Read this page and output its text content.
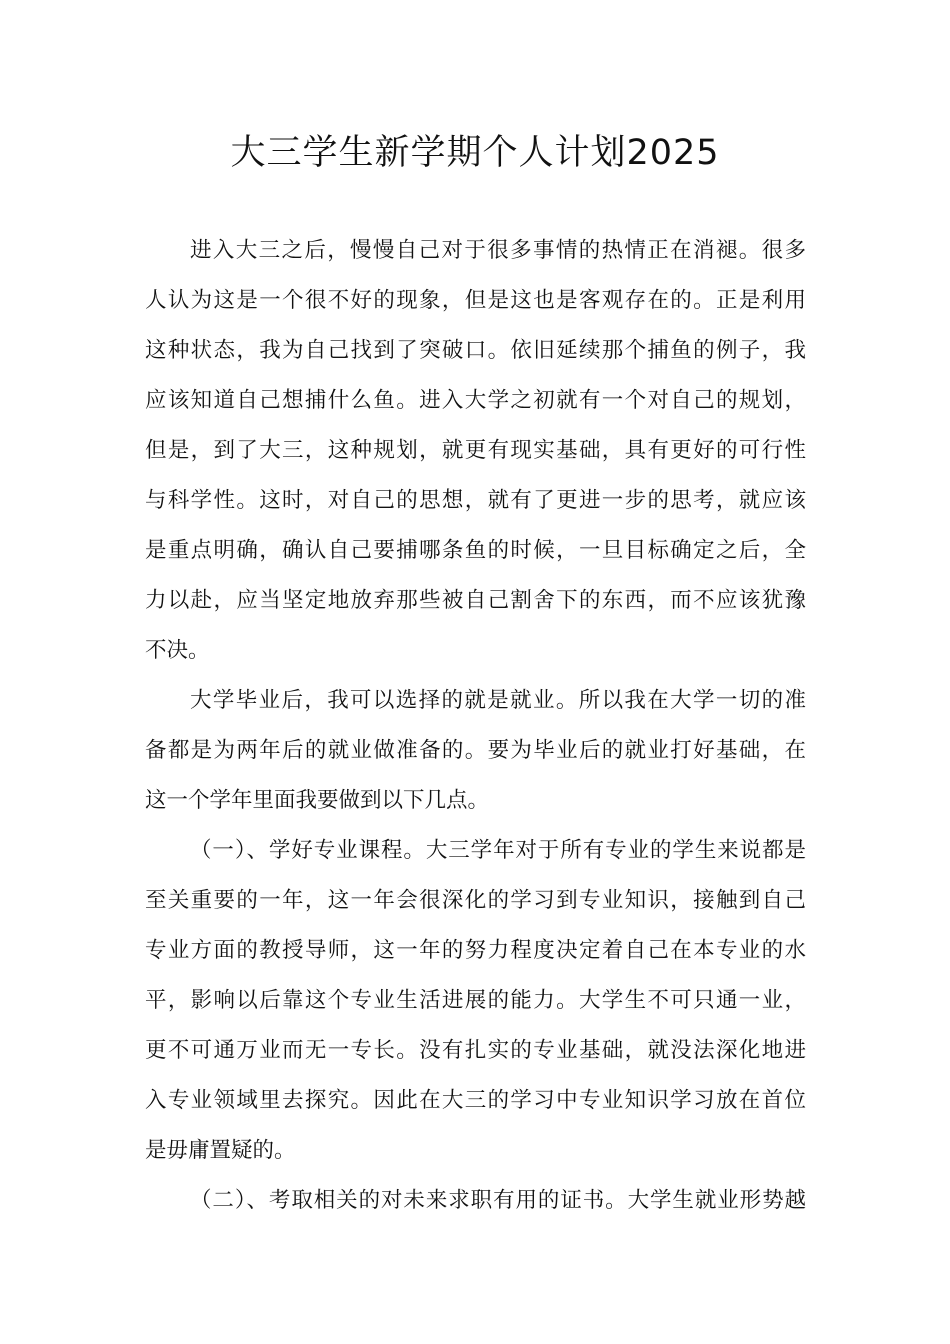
大三学生新学期个人计划2025
进入大三之后，慢慢自己对于很多事情的热情正在消褪。很多
人认为这是一个很不好的现象，但是这也是客观存在的。正是利用
这种状态，我为自己找到了突破口。依旧延续那个捕鱼的例子，我
应该知道自己想捕什么鱼。进入大学之初就有一个对自己的规划，
但是，到了大三，这种规划，就更有现实基础，具有更好的可行性
与科学性。这时，对自己的思想，就有了更进一步的思考，就应该
是重点明确，确认自己要捕哪条鱼的时候，一旦目标确定之后，全
力以赴，应当坚定地放弃那些被自己割舍下的东西，而不应该犹豫
不决。
大学毕业后，我可以选择的就是就业。所以我在大学一切的准
备都是为两年后的就业做准备的。要为毕业后的就业打好基础，在
这一个学年里面我要做到以下几点。
（一）、学好专业课程。大三学年对于所有专业的学生来说都是
至关重要的一年，这一年会很深化的学习到专业知识，接触到自己
专业方面的教授导师，这一年的努力程度决定着自己在本专业的水
平，影响以后靠这个专业生活进展的能力。大学生不可只通一业，
更不可通万业而无一专长。没有扎实的专业基础，就没法深化地进
入专业领域里去探究。因此在大三的学习中专业知识学习放在首位
是毋庸置疑的。
（二）、考取相关的对未来求职有用的证书。大学生就业形势越
